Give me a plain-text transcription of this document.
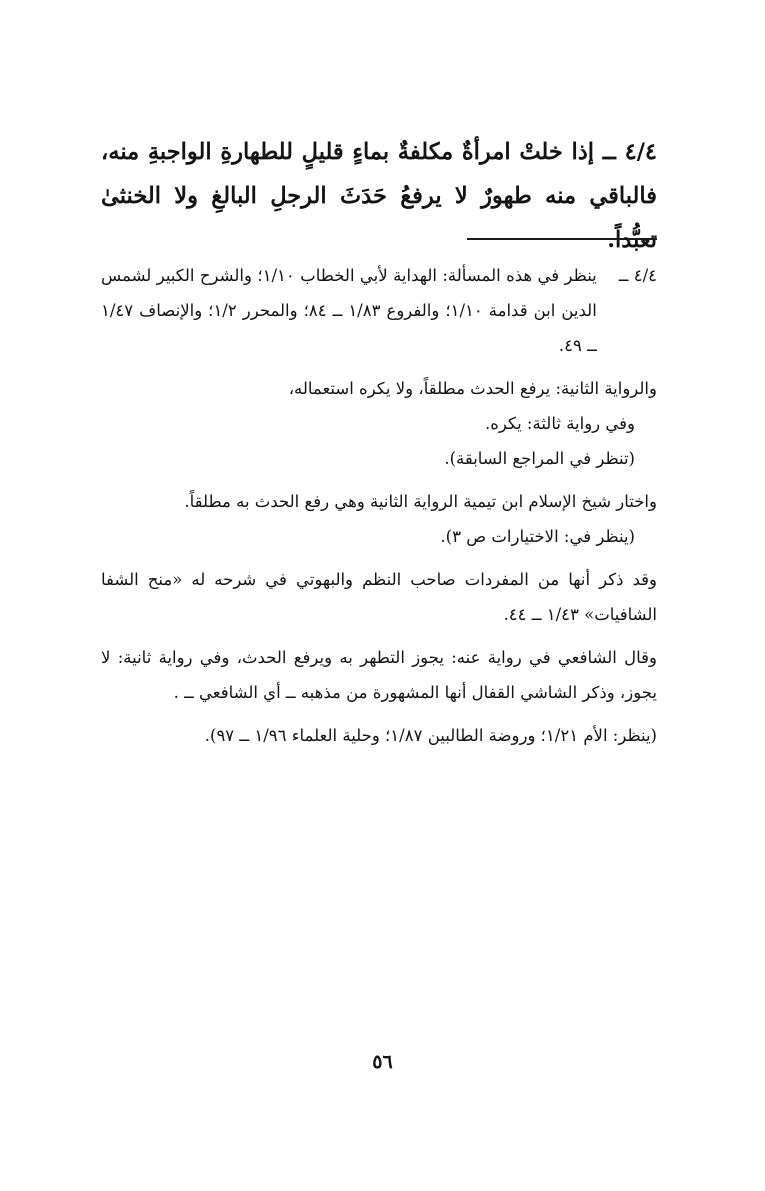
٤/٤ ــ إذا خلتْ امرأةٌ مكلفةٌ بماءٍ قليلٍ للطهارةِ الواجبةِ منه، فالباقي منه طهورٌ لا يرفعُ حَدَثَ الرجلِ البالغِ ولا الخنثىٰ تعبُّداً.
٤/٤ ــ
ينظر في هذه المسألة: الهداية لأبي الخطاب ١/١٠؛ والشرح الكبير لشمس الدين ابن قدامة ١/١٠؛ والفروع ١/٨٣ ــ ٨٤؛ والمحرر ١/٢؛ والإنصاف ١/٤٧ ــ ٤٩.
والرواية الثانية: يرفع الحدث مطلقاً، ولا يكره استعماله،
وفي رواية ثالثة: يكره.
(تنظر في المراجع السابقة).
واختار شيخ الإسلام ابن تيمية الرواية الثانية وهي رفع الحدث به مطلقاً.
(ينظر في: الاختيارات ص ٣).
وقد ذكر أنها من المفردات صاحب النظم والبهوتي في شرحه له «منح الشفا الشافيات» ١/٤٣ ــ ٤٤.
وقال الشافعي في رواية عنه: يجوز التطهر به ويرفع الحدث، وفي رواية ثانية: لا يجوز، وذكر الشاشي القفال أنها المشهورة من مذهبه ــ أي الشافعي ــ .
(ينظر: الأم ١/٢١؛ وروضة الطالبين ١/٨٧؛ وحلية العلماء ١/٩٦ ــ ٩٧).
٥٦
